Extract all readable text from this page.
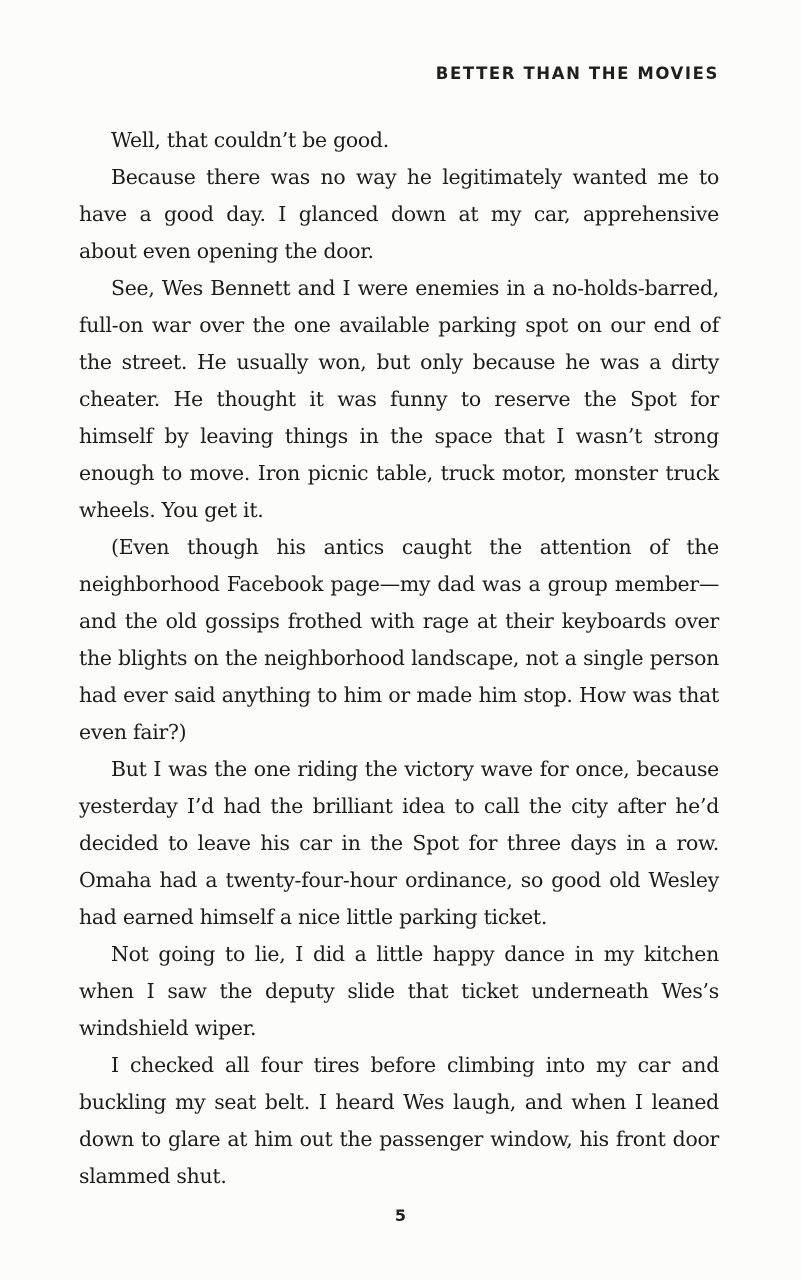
BETTER THAN THE MOVIES

Well, that couldn’t be good.

Because there was no way he legitimately wanted me to have a good day. I glanced down at my car, apprehensive about even opening the door.

See, Wes Bennett and I were enemies in a no-holds-barred, full-on war over the one available parking spot on our end of the street. He usually won, but only because he was a dirty cheater. He thought it was funny to reserve the Spot for himself by leaving things in the space that I wasn’t strong enough to move. Iron picnic table, truck motor, monster truck wheels. You get it.

(Even though his antics caught the attention of the neighborhood Facebook page—my dad was a group member—and the old gossips frothed with rage at their keyboards over the blights on the neighborhood landscape, not a single person had ever said anything to him or made him stop. How was that even fair?)

But I was the one riding the victory wave for once, because yesterday I’d had the brilliant idea to call the city after he’d decided to leave his car in the Spot for three days in a row. Omaha had a twenty-four-hour ordinance, so good old Wesley had earned himself a nice little parking ticket.

Not going to lie, I did a little happy dance in my kitchen when I saw the deputy slide that ticket underneath Wes’s windshield wiper.

I checked all four tires before climbing into my car and buckling my seat belt. I heard Wes laugh, and when I leaned down to glare at him out the passenger window, his front door slammed shut.

5
